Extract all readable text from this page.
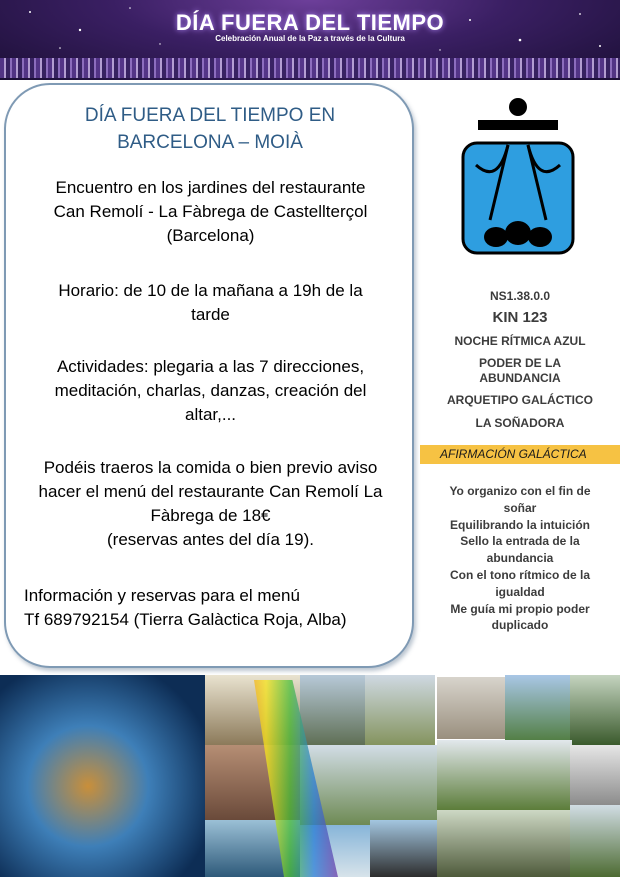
DÍA FUERA DEL TIEMPO
Celebración Anual de la Paz a través de la Cultura
DÍA FUERA DEL TIEMPO EN
BARCELONA – MOIÀ
Encuentro en los jardines del restaurante
Can Remolí - La Fàbrega de Castellterçol
(Barcelona)
Horario: de 10 de la mañana a 19h de la
tarde
Actividades: plegaria a las 7 direcciones,
meditación, charlas, danzas, creación del
altar,...
Podéis traeros la comida o bien previo aviso
hacer el menú del restaurante Can Remolí La
Fàbrega de 18€
(reservas antes del día 19).
Información y reservas para el menú
Tf 689792154 (Tierra Galàctica Roja, Alba)
NS1.38.0.0
KIN 123
NOCHE RÍTMICA AZUL
PODER DE LA
ABUNDANCIA
ARQUETIPO GALÁCTICO
LA SOÑADORA
AFIRMACIÓN GALÁCTICA
Yo organizo con el fin de
soñar
Equilibrando la intuición
Sello la entrada de la
abundancia
Con el tono rítmico de la
igualdad
Me guía mi propio poder
duplicado
